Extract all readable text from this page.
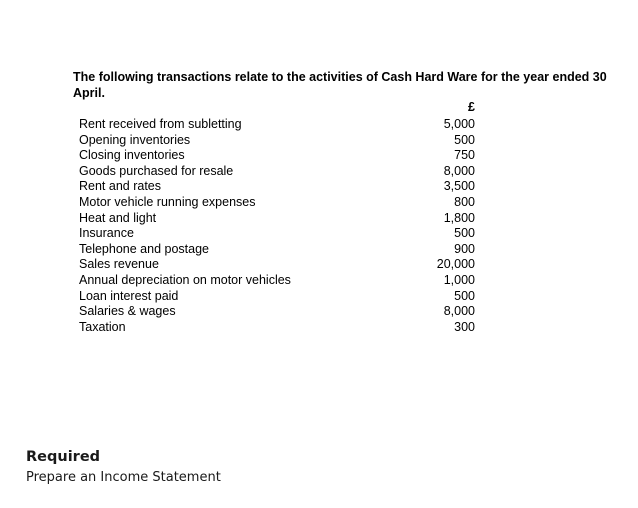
The following transactions relate to the activities of Cash Hard Ware for the year ended 30 April.

£
Rent received from subletting	5,000
Opening inventories	500
Closing inventories	750
Goods purchased for resale	8,000
Rent and rates	3,500
Motor vehicle running expenses	800
Heat and light	1,800
Insurance	500
Telephone and postage	900
Sales revenue	20,000
Annual depreciation on motor vehicles	1,000
Loan interest paid	500
Salaries & wages	8,000
Taxation	300

Required

Prepare an Income Statement
